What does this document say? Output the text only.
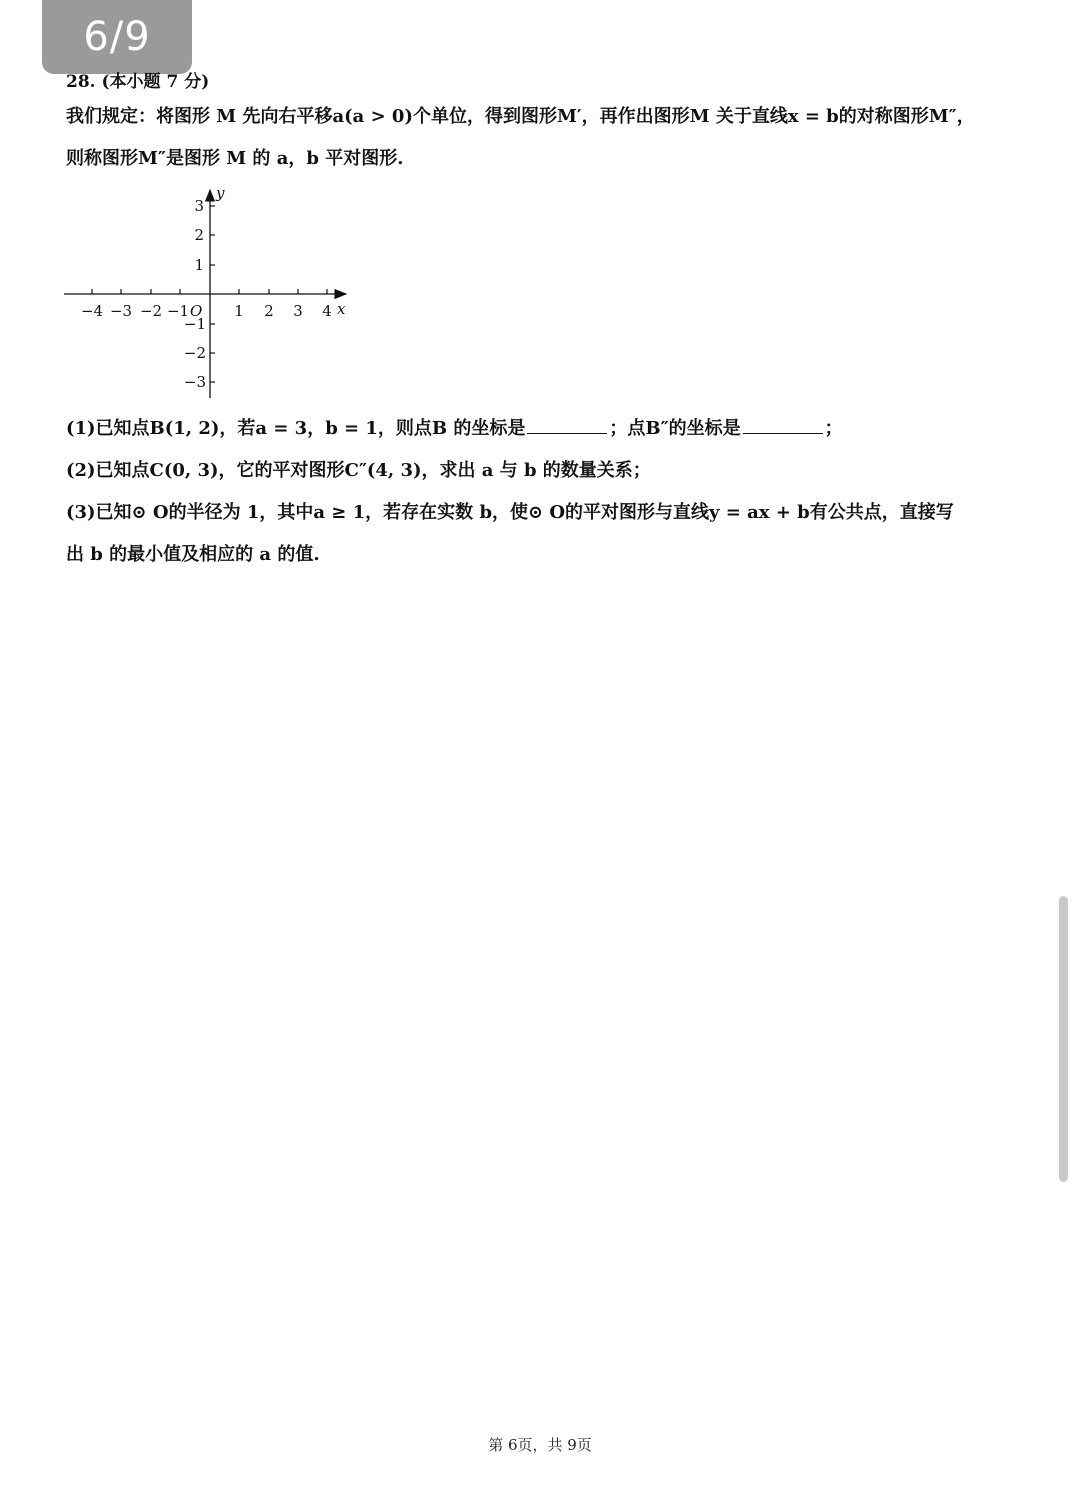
6/9

28. (本小题 7 分)

我们规定：将图形 M 先向右平移a(a > 0)个单位，得到图形M′，再作出图形M 关于直线x = b的对称图形M″，

则称图形M″是图形 M 的 a，b 平对图形.

−4 −3 −2 −1	1 2 3 4
3
2
1
−1
−2
−3
O	x
y

(1)已知点B(1, 2)，若a = 3，b = 1，则点B 的坐标是	；点B″的坐标是	；

(2)已知点C(0, 3)，它的平对图形C″(4, 3)，求出 a 与 b 的数量关系；

(3)已知⊙ O的半径为 1，其中a ≥ 1，若存在实数 b，使⊙ O的平对图形与直线y = ax + b有公共点，直接写

出 b 的最小值及相应的 a 的值.

第 6页，共 9页
